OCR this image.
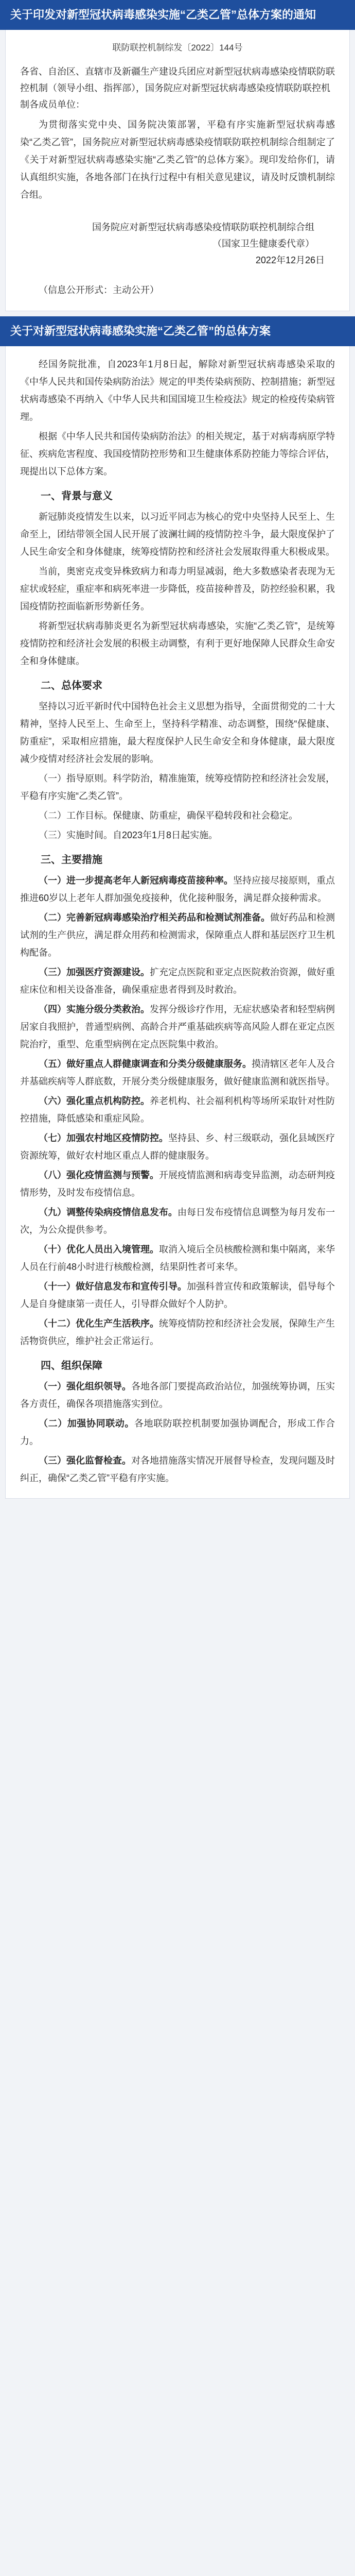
关于印发对新型冠状病毒感染实施“乙类乙管”总体方案的通知
联防联控机制综发〔2022〕144号
各省、自治区、直辖市及新疆生产建设兵团应对新型冠状病毒感染疫情联防联控机制（领导小组、指挥部），国务院应对新型冠状病毒感染疫情联防联控机制各成员单位：
为贯彻落实党中央、国务院决策部署，平稳有序实施新型冠状病毒感染“乙类乙管”，国务院应对新型冠状病毒感染疫情联防联控机制综合组制定了《关于对新型冠状病毒感染实施“乙类乙管”的总体方案》。现印发给你们，请认真组织实施，各地各部门在执行过程中有相关意见建议，请及时反馈机制综合组。
国务院应对新型冠状病毒感染疫情联防联控机制综合组
（国家卫生健康委代章）
2022年12月26日
（信息公开形式：主动公开）
关于对新型冠状病毒感染实施“乙类乙管”的总体方案
经国务院批准，自2023年1月8日起，解除对新型冠状病毒感染采取的《中华人民共和国传染病防治法》规定的甲类传染病预防、控制措施；新型冠状病毒感染不再纳入《中华人民共和国国境卫生检疫法》规定的检疫传染病管理。
根据《中华人民共和国传染病防治法》的相关规定，基于对病毒病原学特征、疾病危害程度、我国疫情防控形势和卫生健康体系防控能力等综合评估，现提出以下总体方案。
一、背景与意义
新冠肺炎疫情发生以来，以习近平同志为核心的党中央坚持人民至上、生命至上，团结带领全国人民开展了波澜壮阔的疫情防控斗争，最大限度保护了人民生命安全和身体健康，统筹疫情防控和经济社会发展取得重大积极成果。
当前，奥密克戎变异株致病力和毒力明显减弱，绝大多数感染者表现为无症状或轻症，重症率和病死率进一步降低，疫苗接种普及，防控经验积累，我国疫情防控面临新形势新任务。
将新型冠状病毒肺炎更名为新型冠状病毒感染，实施“乙类乙管”，是统筹疫情防控和经济社会发展的积极主动调整，有利于更好地保障人民群众生命安全和身体健康。
二、总体要求
坚持以习近平新时代中国特色社会主义思想为指导，全面贯彻党的二十大精神，坚持人民至上、生命至上，坚持科学精准、动态调整，围绕“保健康、防重症”，采取相应措施，最大程度保护人民生命安全和身体健康，最大限度减少疫情对经济社会发展的影响。
（一）指导原则。科学防治，精准施策，统筹疫情防控和经济社会发展，平稳有序实施“乙类乙管”。
（二）工作目标。保健康、防重症，确保平稳转段和社会稳定。
（三）实施时间。自2023年1月8日起实施。
三、主要措施
（一）进一步提高老年人新冠病毒疫苗接种率。坚持应接尽接原则，重点推进60岁以上老年人群加强免疫接种，优化接种服务，满足群众接种需求。
（二）完善新冠病毒感染治疗相关药品和检测试剂准备。做好药品和检测试剂的生产供应，满足群众用药和检测需求，保障重点人群和基层医疗卫生机构配备。
（三）加强医疗资源建设。扩充定点医院和亚定点医院救治资源，做好重症床位和相关设备准备，确保重症患者得到及时救治。
（四）实施分级分类救治。发挥分级诊疗作用，无症状感染者和轻型病例居家自我照护，普通型病例、高龄合并严重基础疾病等高风险人群在亚定点医院治疗，重型、危重型病例在定点医院集中救治。
（五）做好重点人群健康调查和分类分级健康服务。摸清辖区老年人及合并基础疾病等人群底数，开展分类分级健康服务，做好健康监测和就医指导。
（六）强化重点机构防控。养老机构、社会福利机构等场所采取针对性防控措施，降低感染和重症风险。
（七）加强农村地区疫情防控。坚持县、乡、村三级联动，强化县域医疗资源统筹，做好农村地区重点人群的健康服务。
（八）强化疫情监测与预警。开展疫情监测和病毒变异监测，动态研判疫情形势，及时发布疫情信息。
（九）调整传染病疫情信息发布。由每日发布疫情信息调整为每月发布一次，为公众提供参考。
（十）优化人员出入境管理。取消入境后全员核酸检测和集中隔离，来华人员在行前48小时进行核酸检测，结果阴性者可来华。
（十一）做好信息发布和宣传引导。加强科普宣传和政策解读，倡导每个人是自身健康第一责任人，引导群众做好个人防护。
（十二）优化生产生活秩序。统筹疫情防控和经济社会发展，保障生产生活物资供应，维护社会正常运行。
四、组织保障
（一）强化组织领导。各地各部门要提高政治站位，加强统筹协调，压实各方责任，确保各项措施落实到位。
（二）加强协同联动。各地联防联控机制要加强协调配合，形成工作合力。
（三）强化监督检查。对各地措施落实情况开展督导检查，发现问题及时纠正，确保“乙类乙管”平稳有序实施。
